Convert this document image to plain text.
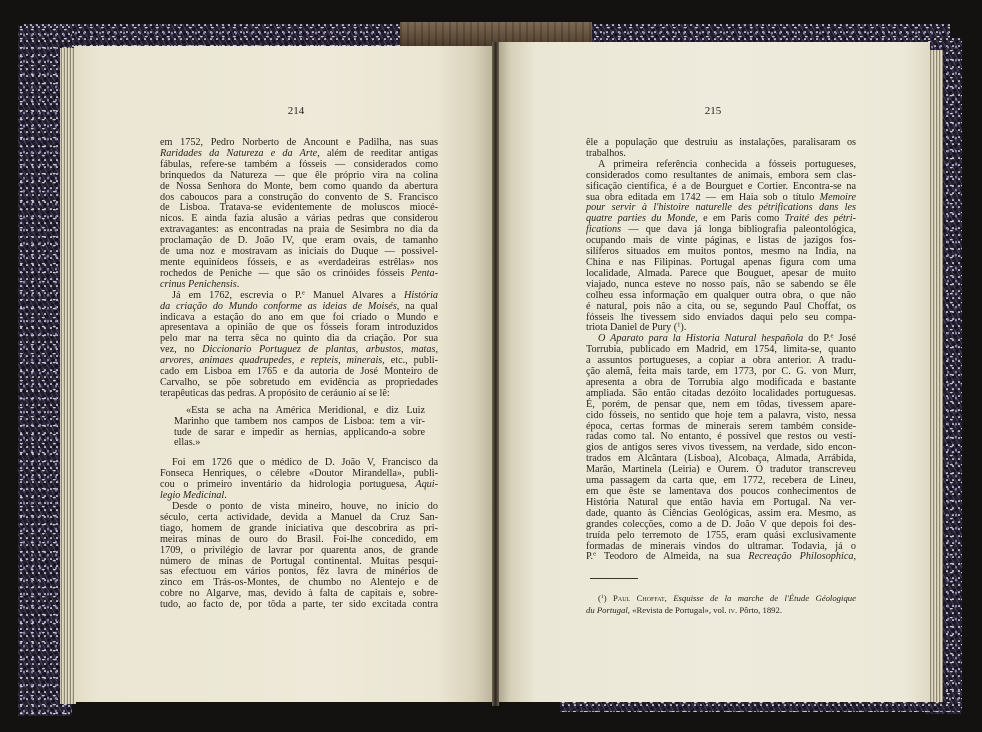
214
em 1752, Pedro Norberto de Ancount e Padilha, nas suas
Raridades da Natureza e da Arte, além de reeditar antigas
fábulas, refere-se também a fósseis — considerados como
brinquedos da Natureza — que êle próprio vira na colina
de Nossa Senhora do Monte, bem como quando da abertura
dos caboucos para a construção do convento de S. Francisco
de Lisboa. Tratava-se evidentemente de moluscos miocé-
nicos. E ainda fazia alusão a várias pedras que considerou
extravagantes: as encontradas na praia de Sesimbra no dia da
proclamação de D. João IV, que eram ovais, de tamanho
de uma noz e mostravam as iniciais do Duque — possivel-
mente equinídeos fósseis, e as «verdadeiras estrêlas» nos
rochedos de Peniche — que são os crinóides fósseis Penta-
crinus Penichensis.
Já em 1762, escrevia o P.$^e$ Manuel Alvares a História
da criação do Mundo conforme as ideias de Moisés, na qual
indicava a estação do ano em que foi criado o Mundo e
apresentava a opinião de que os fósseis foram introduzidos
pelo mar na terra sêca no quinto dia da criação. Por sua
vez, no Diccionario Portuguez de plantas, arbustos, matas,
arvores, animaes quadrupedes, e repteis, minerais, etc., publi-
cado em Lisboa em 1765 e da autoria de José Monteiro de
Carvalho, se põe sobretudo em evidência as propriedades
terapêuticas das pedras. A propósito de ceráunio aí se lê:
«Esta se acha na América Meridional, e diz Luiz
Marinho que tambem nos campos de Lisboa: tem a vir-
tude de sarar e impedir as hernias, applicando-a sobre
ellas.»
Foi em 1726 que o médico de D. João V, Francisco da
Fonseca Henriques, o célebre «Doutor Mirandella», publi-
cou o primeiro inventário da hidrologia portuguesa, Aqui-
legio Medicinal.
Desde o ponto de vista mineiro, houve, no início do
século, certa actividade, devida a Manuel da Cruz San-
tiago, homem de grande iniciativa que descobrira as pri-
meiras minas de ouro do Brasil. Foi-lhe concedido, em
1709, o privilégio de lavrar por quarenta anos, de grande
número de minas de Portugal continental. Muitas pesqui-
sas efectuou em vários pontos, fêz lavra de minérios de
zinco em Trás-os-Montes, de chumbo no Alentejo e de
cobre no Algarve, mas, devido à falta de capitais e, sobre-
tudo, ao facto de, por tôda a parte, ter sido excitada contra
215
êle a população que destruiu as instalações, paralisaram os
trabalhos.
A primeira referência conhecida a fósseis portugueses,
considerados como resultantes de animais, embora sem clas-
sificação científica, é a de Bourguet e Cortier. Encontra-se na
sua obra editada em 1742 — em Haia sob o título Memoire
pour servir à l'histoire naturelle des pétrifications dans les
quatre parties du Monde, e em Paris como Traité des pétri-
fications — que dava já longa bibliografia paleontológica,
ocupando mais de vinte páginas, e listas de jazigos fos-
silíferos situados em muitos pontos, mesmo na India, na
China e nas Filipinas. Portugal apenas figura com uma
localidade, Almada. Parece que Bouguet, apesar de muito
viajado, nunca esteve no nosso país, não se sabendo se êle
colheu essa informação em qualquer outra obra, o que não
é natural, pois não a cita, ou se, segundo Paul Choffat, os
fósseis lhe tivessem sido enviados daqui pelo seu compa-
triota Daniel de Pury ($^1$).
O Aparato para la Historia Natural hespañola do P.$^e$ José
Torrubia, publicado em Madrid, em 1754, limita-se, quanto
a assuntos portugueses, a copiar a obra anterior. A tradu-
ção alemã, feita mais tarde, em 1773, por C. G. von Murr,
apresenta a obra de Torrubia algo modificada e bastante
ampliada. São então citadas dezóito localidades portuguesas.
É, porém, de pensar que, nem em tôdas, tivessem apare-
cido fósseis, no sentido que hoje tem a palavra, visto, nessa
época, certas formas de minerais serem também conside-
radas como tal. No entanto, é possível que restos ou vestí-
gios de antigos seres vivos tivessem, na verdade, sido encon-
trados em Alcântara (Lisboa), Alcobaça, Almada, Arrábida,
Marão, Martinela (Leiria) e Ourem. O tradutor transcreveu
uma passagem da carta que, em 1772, recebera de Lineu,
em que êste se lamentava dos poucos conhecimentos de
História Natural que então havia em Portugal. Na ver-
dade, quanto às Ciências Geológicas, assim era. Mesmo, as
grandes colecções, como a de D. João V que depois foi des-
truída pelo terremoto de 1755, eram quási exclusivamente
formadas de minerais vindos do ultramar. Todavia, já o
P.$^e$ Teodoro de Almeida, na sua Recreação Philosophica,
($^1$) Paul Choffat, Esquisse de la marche de l'Étude Géologique
du Portugal, «Revista de Portugal», vol. iv. Pôrto, 1892.
